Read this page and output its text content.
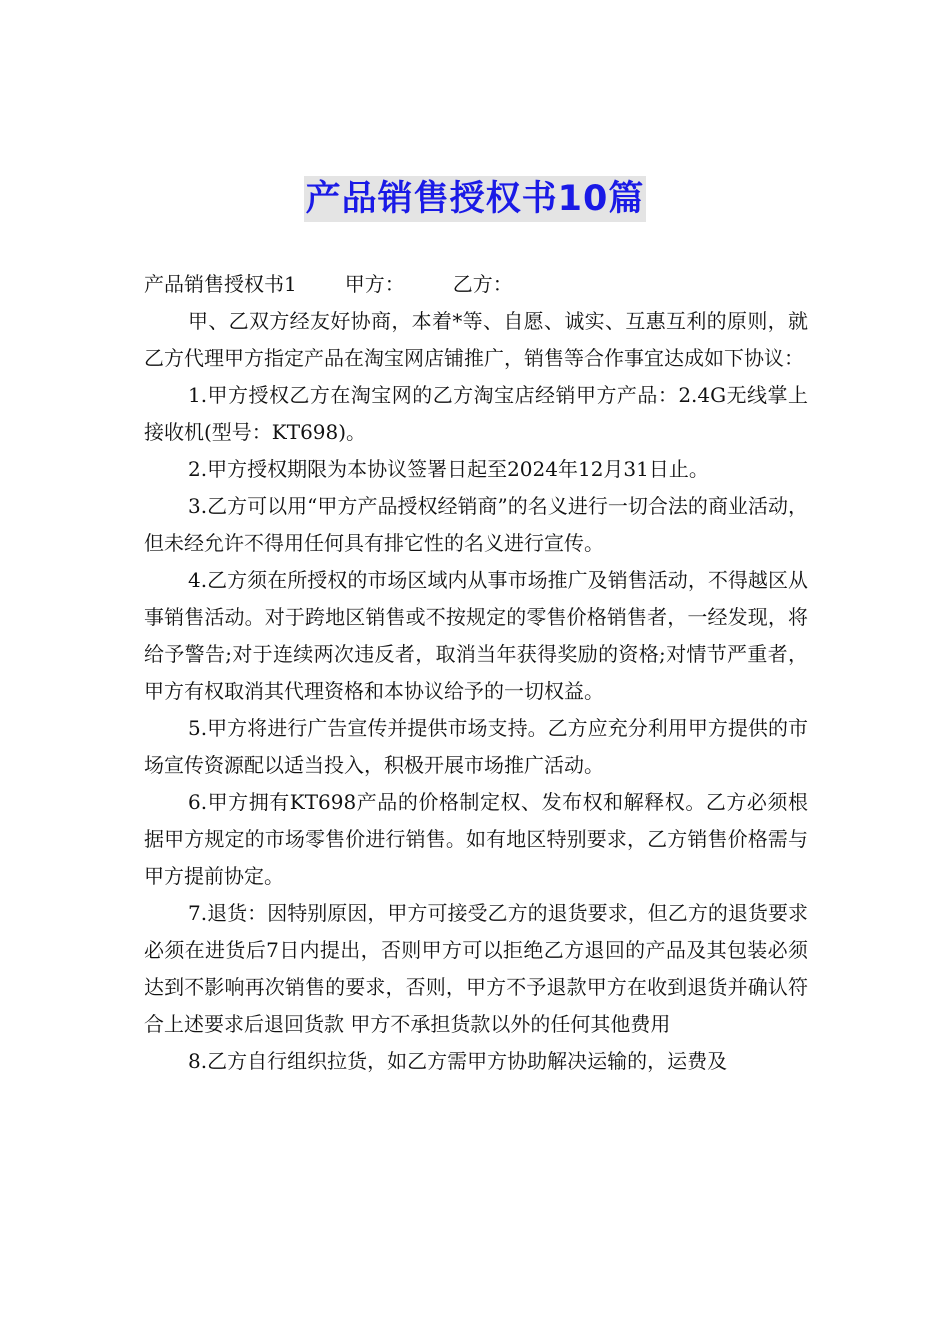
产品销售授权书10篇

产品销售授权书1 甲方： 乙方：

甲、乙双方经友好协商，本着*等、自愿、诚实、互惠互利的原则，就乙方代理甲方指定产品在淘宝网店铺推广，销售等合作事宜达成如下协议：

1.甲方授权乙方在淘宝网的乙方淘宝店经销甲方产品：2.4G无线掌上接收机(型号：KT698)。

2.甲方授权期限为本协议签署日起至2024年12月31日止。

3.乙方可以用“甲方产品授权经销商”的名义进行一切合法的商业活动，但未经允许不得用任何具有排它性的名义进行宣传。

4.乙方须在所授权的市场区域内从事市场推广及销售活动，不得越区从事销售活动。对于跨地区销售或不按规定的零售价格销售者，一经发现，将给予警告;对于连续两次违反者，取消当年获得奖励的资格;对情节严重者，甲方有权取消其代理资格和本协议给予的一切权益。

5.甲方将进行广告宣传并提供市场支持。乙方应充分利用甲方提供的市场宣传资源配以适当投入，积极开展市场推广活动。

6.甲方拥有KT698产品的价格制定权、发布权和解释权。乙方必须根据甲方规定的市场零售价进行销售。如有地区特别要求，乙方销售价格需与甲方提前协定。

7.退货：因特别原因，甲方可接受乙方的退货要求，但乙方的退货要求必须在进货后7日内提出，否则甲方可以拒绝乙方退回的产品及其包装必须达到不影响再次销售的要求，否则，甲方不予退款甲方在收到退货并确认符合上述要求后退回货款 甲方不承担货款以外的任何其他费用

8.乙方自行组织拉货，如乙方需甲方协助解决运输的，运费及
